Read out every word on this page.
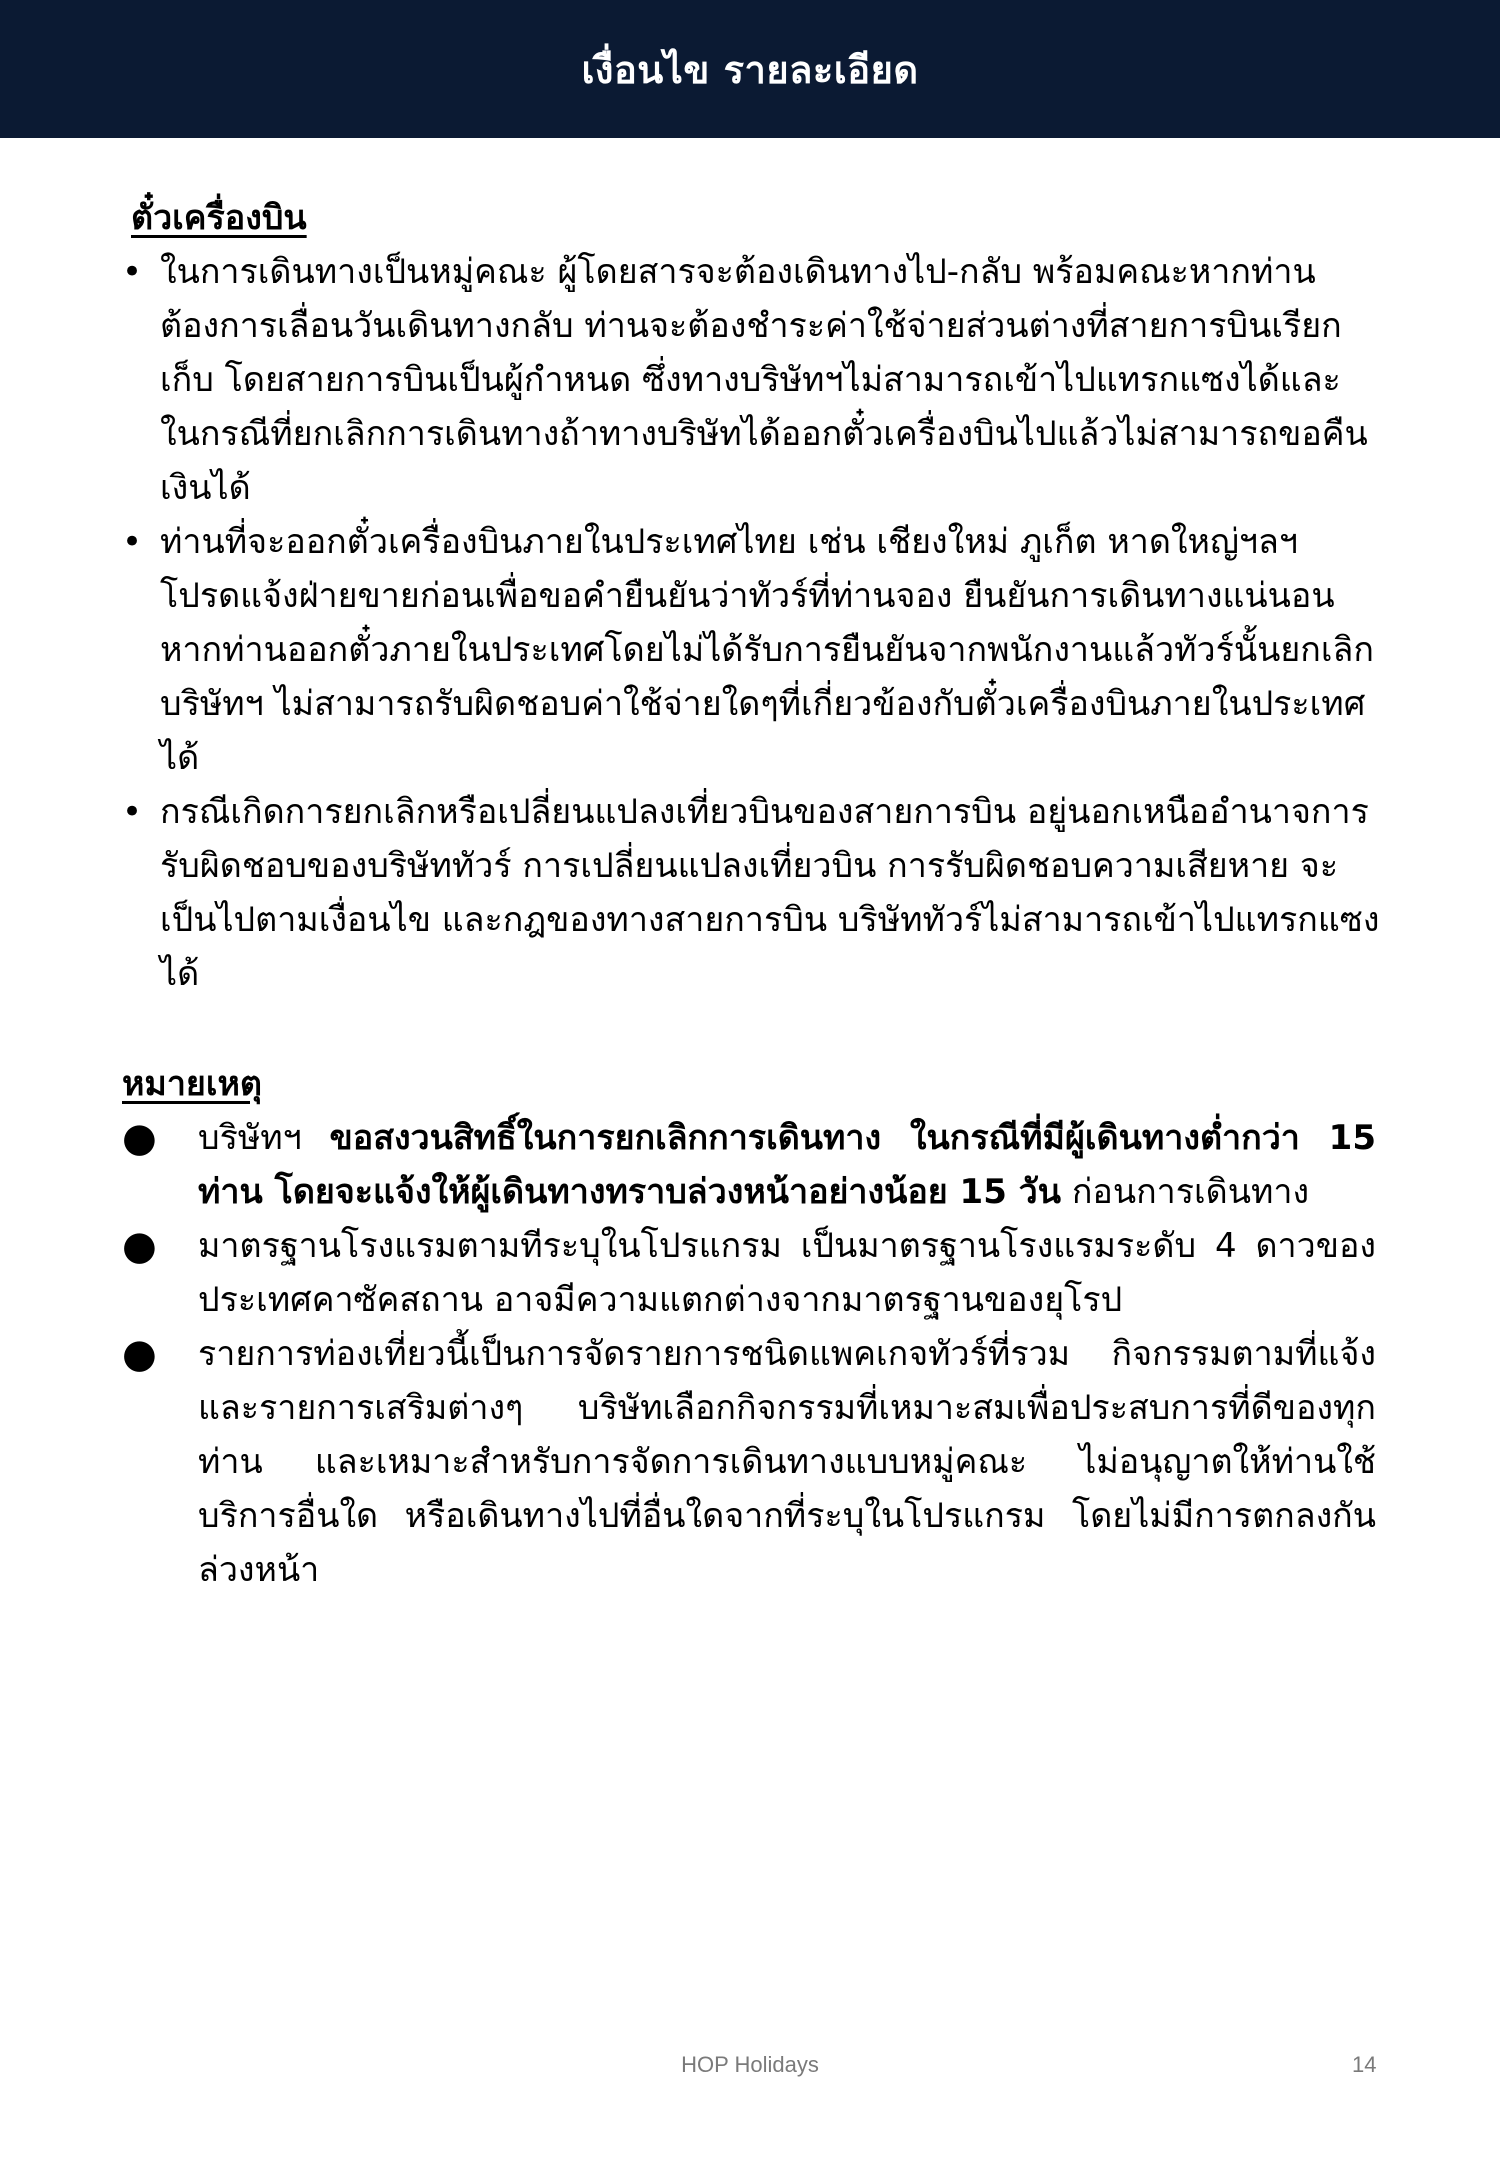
เงื่อนไข รายละเอียด
ตั๋วเครื่องบิน
• ในการเดินทางเป็นหมู่คณะ ผู้โดยสารจะต้องเดินทางไป-กลับ พร้อมคณะหากท่านต้องการเลื่อนวันเดินทางกลับ ท่านจะต้องชำระค่าใช้จ่ายส่วนต่างที่สายการบินเรียกเก็บ โดยสายการบินเป็นผู้กำหนด ซึ่งทางบริษัทฯไม่สามารถเข้าไปแทรกแซงได้และในกรณีที่ยกเลิกการเดินทางถ้าทางบริษัทได้ออกตั๋วเครื่องบินไปแล้วไม่สามารถขอคืนเงินได้
• ท่านที่จะออกตั๋วเครื่องบินภายในประเทศไทย เช่น เชียงใหม่ ภูเก็ต หาดใหญ่ฯลฯ โปรดแจ้งฝ่ายขายก่อนเพื่อขอคำยืนยันว่าทัวร์ที่ท่านจอง ยืนยันการเดินทางแน่นอน หากท่านออกตั๋วภายในประเทศโดยไม่ได้รับการยืนยันจากพนักงานแล้วทัวร์นั้นยกเลิก บริษัทฯ ไม่สามารถรับผิดชอบค่าใช้จ่ายใดๆที่เกี่ยวข้องกับตั๋วเครื่องบินภายในประเทศได้
• กรณีเกิดการยกเลิกหรือเปลี่ยนแปลงเที่ยวบินของสายการบิน อยู่นอกเหนืออำนาจการรับผิดชอบของบริษัททัวร์ การเปลี่ยนแปลงเที่ยวบิน การรับผิดชอบความเสียหาย จะเป็นไปตามเงื่อนไข และกฎของทางสายการบิน บริษัททัวร์ไม่สามารถเข้าไปแทรกแซงได้
หมายเหตุ
● บริษัทฯ ขอสงวนสิทธิ์ในการยกเลิกการเดินทาง ในกรณีที่มีผู้เดินทางต่ำกว่า 15 ท่าน โดยจะแจ้งให้ผู้เดินทางทราบล่วงหน้าอย่างน้อย 15 วัน ก่อนการเดินทาง
● มาตรฐานโรงแรมตามทีระบุในโปรแกรม เป็นมาตรฐานโรงแรมระดับ 4 ดาวของประเทศคาซัคสถาน อาจมีความแตกต่างจากมาตรฐานของยุโรป
● รายการท่องเที่ยวนี้เป็นการจัดรายการชนิดแพคเกจทัวร์ที่รวม กิจกรรมตามที่แจ้งและรายการเสริมต่างๆ บริษัทเลือกกิจกรรมที่เหมาะสมเพื่อประสบการที่ดีของทุกท่าน และเหมาะสำหรับการจัดการเดินทางแบบหมู่คณะ ไม่อนุญาตให้ท่านใช้บริการอื่นใด หรือเดินทางไปที่อื่นใดจากที่ระบุในโปรแกรม โดยไม่มีการตกลงกันล่วงหน้า
HOP Holidays	14
